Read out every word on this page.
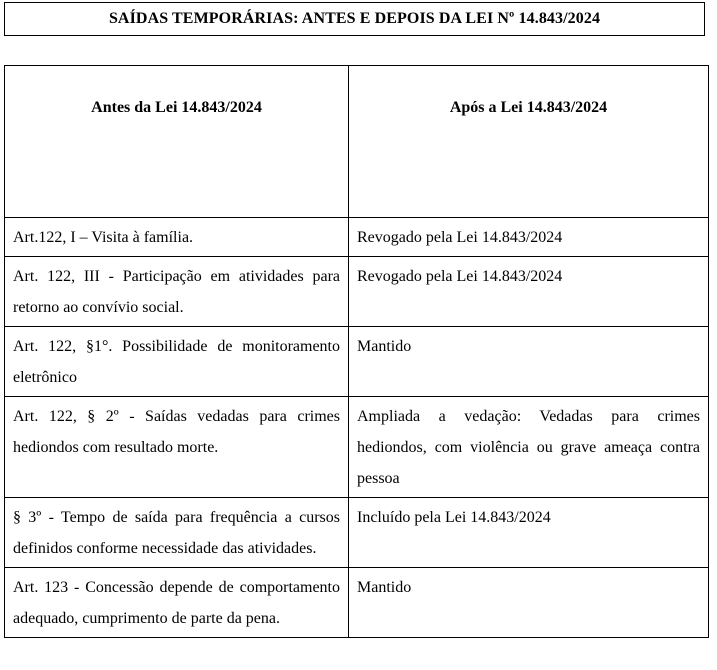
SAÍDAS TEMPORÁRIAS: ANTES E DEPOIS DA LEI Nº 14.843/2024
Antes da Lei 14.843/2024	Após a Lei 14.843/2024

Art.122, I – Visita à família.	Revogado pela Lei 14.843/2024
Art. 122, III - Participação em atividades para retorno ao convívio social.	Revogado pela Lei 14.843/2024
Art. 122, §1°. Possibilidade de monitoramento eletrônico	Mantido
Art. 122, § 2º - Saídas vedadas para crimes hediondos com resultado morte.	Ampliada a vedação: Vedadas para crimes hediondos, com violência ou grave ameaça contra pessoa
§ 3º - Tempo de saída para frequência a cursos definidos conforme necessidade das atividades.	Incluído pela Lei 14.843/2024
Art. 123 - Concessão depende de comportamento adequado, cumprimento de parte da pena.	Mantido
